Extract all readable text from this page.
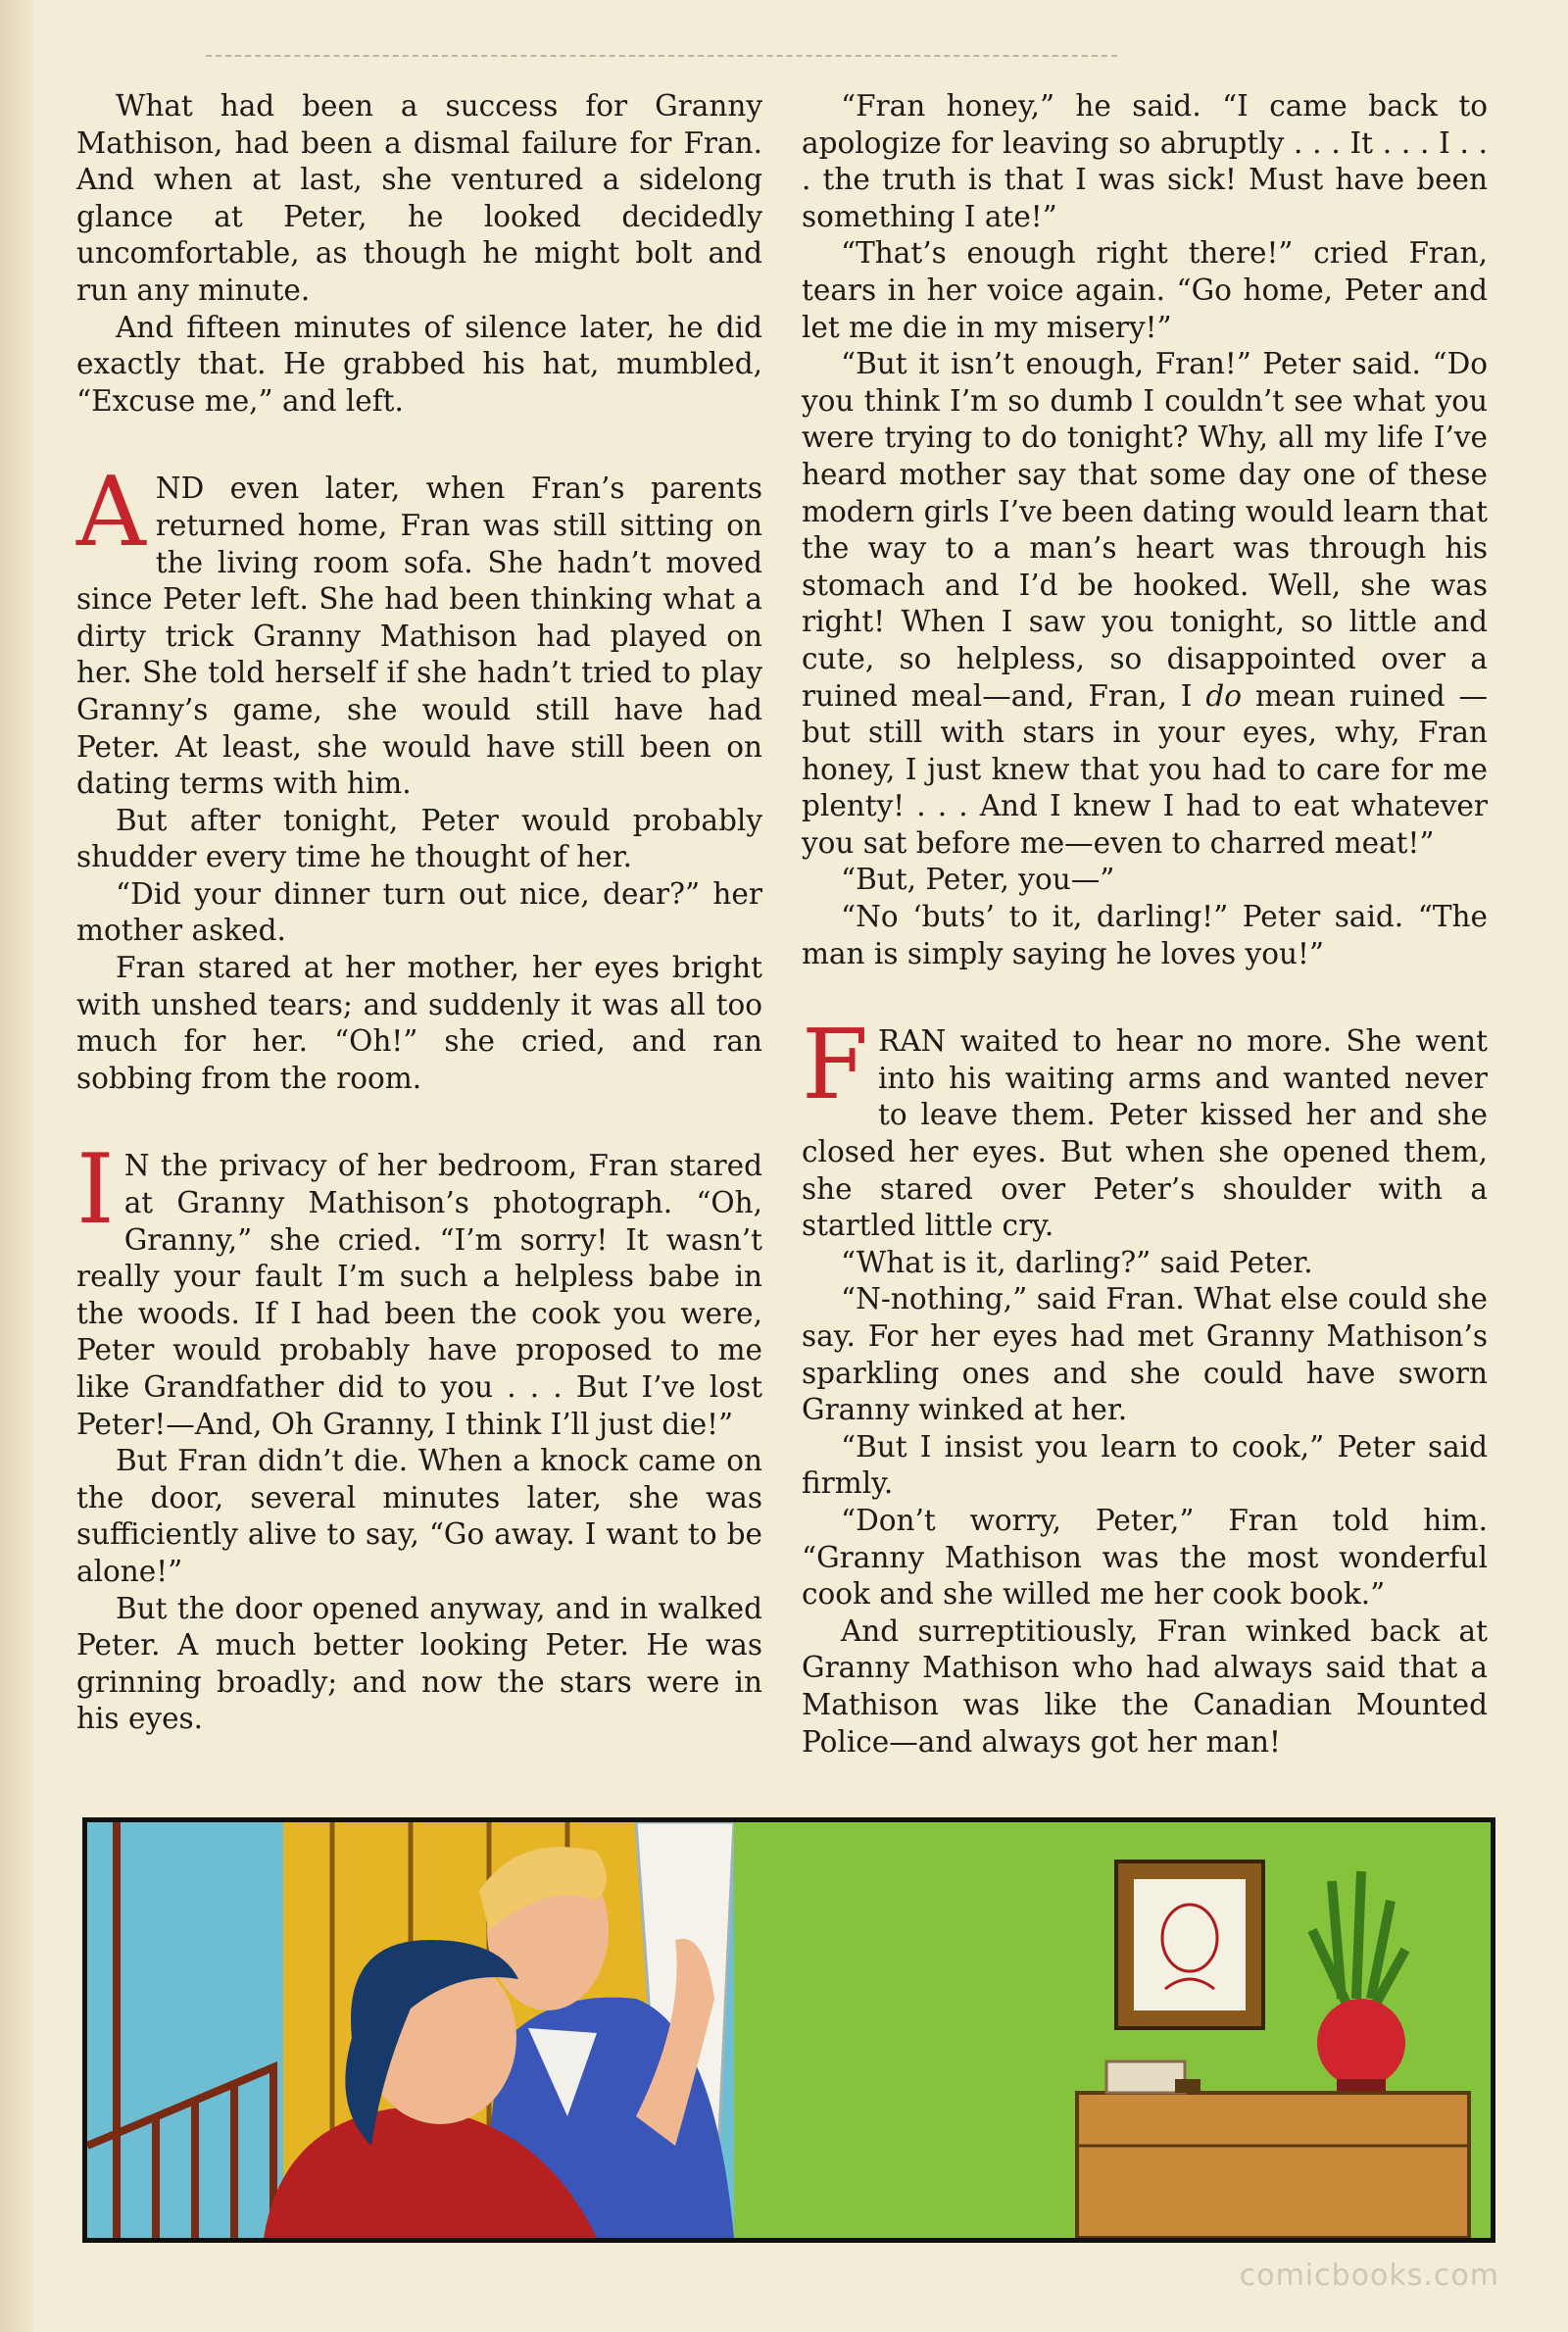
What had been a success for Granny Mathison, had been a dismal failure for Fran. And when at last, she ventured a sidelong glance at Peter, he looked decidedly uncomfortable, as though he might bolt and run any minute.

And fifteen minutes of silence later, he did exactly that. He grabbed his hat, mumbled, “Excuse me,” and left.

AND even later, when Fran’s parents returned home, Fran was still sitting on the living room sofa. She hadn’t moved since Peter left. She had been thinking what a dirty trick Granny Mathison had played on her. She told herself if she hadn’t tried to play Granny’s game, she would still have had Peter. At least, she would have still been on dating terms with him.

But after tonight, Peter would probably shudder every time he thought of her.

“Did your dinner turn out nice, dear?” her mother asked.

Fran stared at her mother, her eyes bright with unshed tears; and suddenly it was all too much for her. “Oh!” she cried, and ran sobbing from the room.

I N the privacy of her bedroom, Fran stared at Granny Mathison’s photograph. “Oh, Granny,” she cried. “I’m sorry! It wasn’t really your fault I’m such a helpless babe in the woods. If I had been the cook you were, Peter would probably have proposed to me like Grandfather did to you . . . But I’ve lost Peter!—And, Oh Granny, I think I’ll just die!”

But Fran didn’t die. When a knock came on the door, several minutes later, she was sufficiently alive to say, “Go away. I want to be alone!”

But the door opened anyway, and in walked Peter. A much better looking Peter. He was grinning broadly; and now the stars were in his eyes.

“Fran honey,” he said. “I came back to apologize for leaving so abruptly . . . It . . . I . . . the truth is that I was sick! Must have been something I ate!”

“That’s enough right there!” cried Fran, tears in her voice again. “Go home, Peter and let me die in my misery!”

“But it isn’t enough, Fran!” Peter said. “Do you think I’m so dumb I couldn’t see what you were trying to do tonight? Why, all my life I’ve heard mother say that some day one of these modern girls I’ve been dating would learn that the way to a man’s heart was through his stomach and I’d be hooked. Well, she was right! When I saw you tonight, so little and cute, so helpless, so disappointed over a ruined meal—and, Fran, I do mean ruined — but still with stars in your eyes, why, Fran honey, I just knew that you had to care for me plenty! . . . And I knew I had to eat whatever you sat before me—even to charred meat!”

“But, Peter, you—”

“No ‘buts’ to it, darling!” Peter said. “The man is simply saying he loves you!”

FRAN waited to hear no more. She went into his waiting arms and wanted never to leave them. Peter kissed her and she closed her eyes. But when she opened them, she stared over Peter’s shoulder with a startled little cry.

“What is it, darling?” said Peter.

“N-nothing,” said Fran. What else could she say. For her eyes had met Granny Mathison’s sparkling ones and she could have sworn Granny winked at her.

“But I insist you learn to cook,” Peter said firmly.

“Don’t worry, Peter,” Fran told him. “Granny Mathison was the most wonderful cook and she willed me her cook book.”

And surreptitiously, Fran winked back at Granny Mathison who had always said that a Mathison was like the Canadian Mounted Police—and always got her man!

comicbooks.com
